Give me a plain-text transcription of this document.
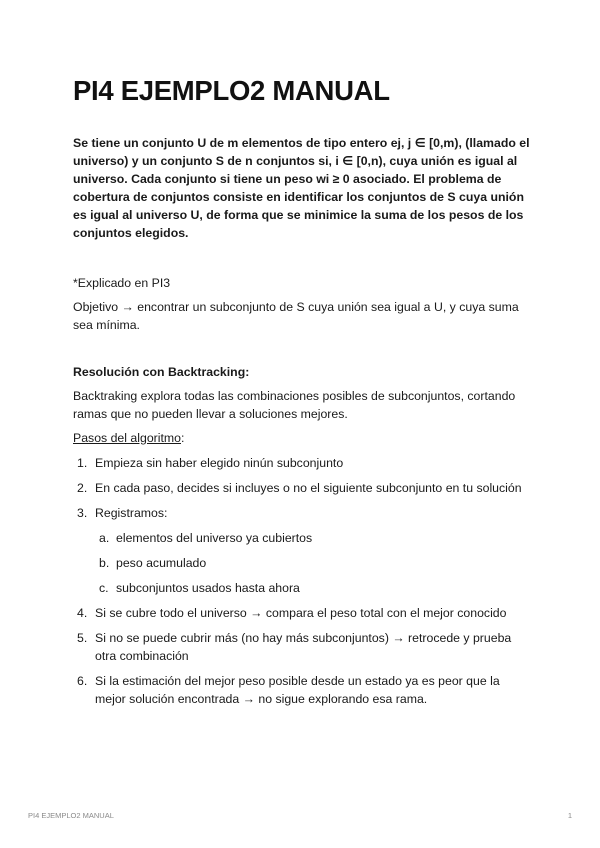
PI4 EJEMPLO2 MANUAL

Se tiene un conjunto U de m elementos de tipo entero ej, j ∈ [0,m), (llamado el universo) y un conjunto S de n conjuntos si, i ∈ [0,n), cuya unión es igual al universo. Cada conjunto si tiene un peso wi ≥ 0 asociado. El problema de cobertura de conjuntos consiste en identificar los conjuntos de S cuya unión es igual al universo U, de forma que se minimice la suma de los pesos de los conjuntos elegidos.

*Explicado en PI3

Objetivo → encontrar un subconjunto de S cuya unión sea igual a U, y cuya suma sea mínima.

Resolución con Backtracking:

Backtraking explora todas las combinaciones posibles de subconjuntos, cortando ramas que no pueden llevar a soluciones mejores.

Pasos del algoritmo:

1. Empieza sin haber elegido ninún subconjunto
2. En cada paso, decides si incluyes o no el siguiente subconjunto en tu solución
3. Registramos:
a. elementos del universo ya cubiertos
b. peso acumulado
c. subconjuntos usados hasta ahora
4. Si se cubre todo el universo → compara el peso total con el mejor conocido
5. Si no se puede cubrir más (no hay más subconjuntos) → retrocede y prueba otra combinación
6. Si la estimación del mejor peso posible desde un estado ya es peor que la mejor solución encontrada → no sigue explorando esa rama.
PI4 EJEMPLO2 MANUAL	1
